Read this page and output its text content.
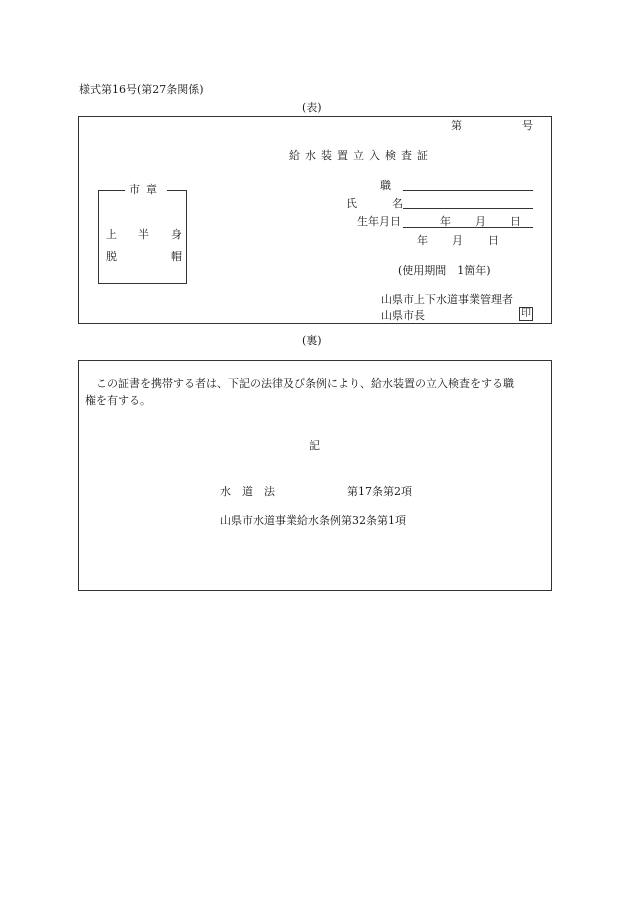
様式第16号(第27条関係)
(表)
第	号
給水装置立入検査証
市章
上 半 身
脱	帽
職
氏	名
生年月日	年 月 日
年 月 日
(使用期間　1箇年)
山県市上下水道事業管理者
山県市長	印
(裏)
この証書を携帯する者は、下記の法律及び条例により、給水装置の立入検査をする職
権を有する。
記
水　道　法	第17条第2項
山県市水道事業給水条例第32条第1項
